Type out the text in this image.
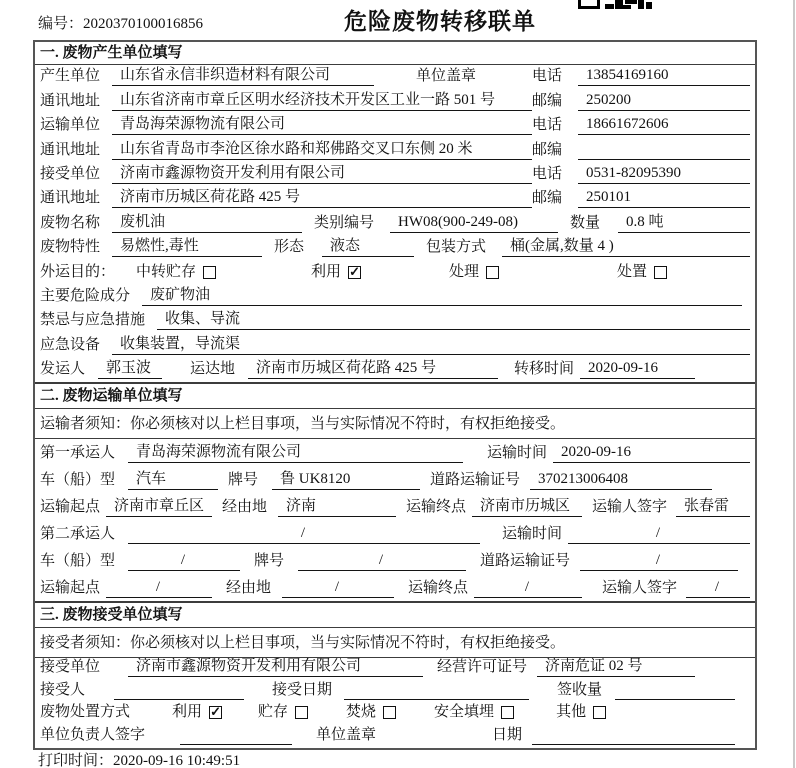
编号：2020370100016856	危险废物转移联单
一. 废物产生单位填写
产生单位	山东省永信非织造材料有限公司	单位盖章	电话	13854169160
通讯地址	山东省济南市章丘区明水经济技术开发区工业一路 501 号	邮编	250200
运输单位	青岛海荣源物流有限公司	电话	18661672606
通讯地址	山东省青岛市李沧区徐水路和郑佛路交叉口东侧 20 米	邮编
接受单位	济南市鑫源物资开发利用有限公司	电话	0531-82095390
通讯地址	济南市历城区荷花路 425 号	邮编	250101
废物名称	废机油	类别编号	HW08(900-249-08)	数量	0.8 吨
废物特性	易燃性,毒性	形态	液态	包装方式	桶(金属,数量 4 )
外运目的：	中转贮存	利用 ✓	处理	处置
主要危险成分	废矿物油
禁忌与应急措施	收集、导流
应急设备	收集装置，导流渠
发运人	郭玉波	运达地	济南市历城区荷花路 425 号	转移时间 2020-09-16
二. 废物运输单位填写
运输者须知：你必须核对以上栏目事项，当与实际情况不符时，有权拒绝接受。
第一承运人	青岛海荣源物流有限公司	运输时间 2020-09-16
车（船）型	汽车	牌号	鲁 UK8120	道路运输证号	370213006408
运输起点 济南市章丘区	经由地	济南	运输终点 济南市历城区	运输人签字	张春雷
第二承运人	/	运输时间	/
车（船）型	/	牌号	/	道路运输证号	/
运输起点	/	经由地	/	运输终点	/	运输人签字	/
三. 废物接受单位填写
接受者须知：你必须核对以上栏目事项，当与实际情况不符时，有权拒绝接受。
接受单位	济南市鑫源物资开发利用有限公司	经营许可证号	济南危证 02 号
接受人	接受日期	签收量
废物处置方式	利用 ✓ 贮存	焚烧	安全填埋	其他
单位负责人签字	单位盖章	日期
打印时间：2020-09-16 10:49:51
